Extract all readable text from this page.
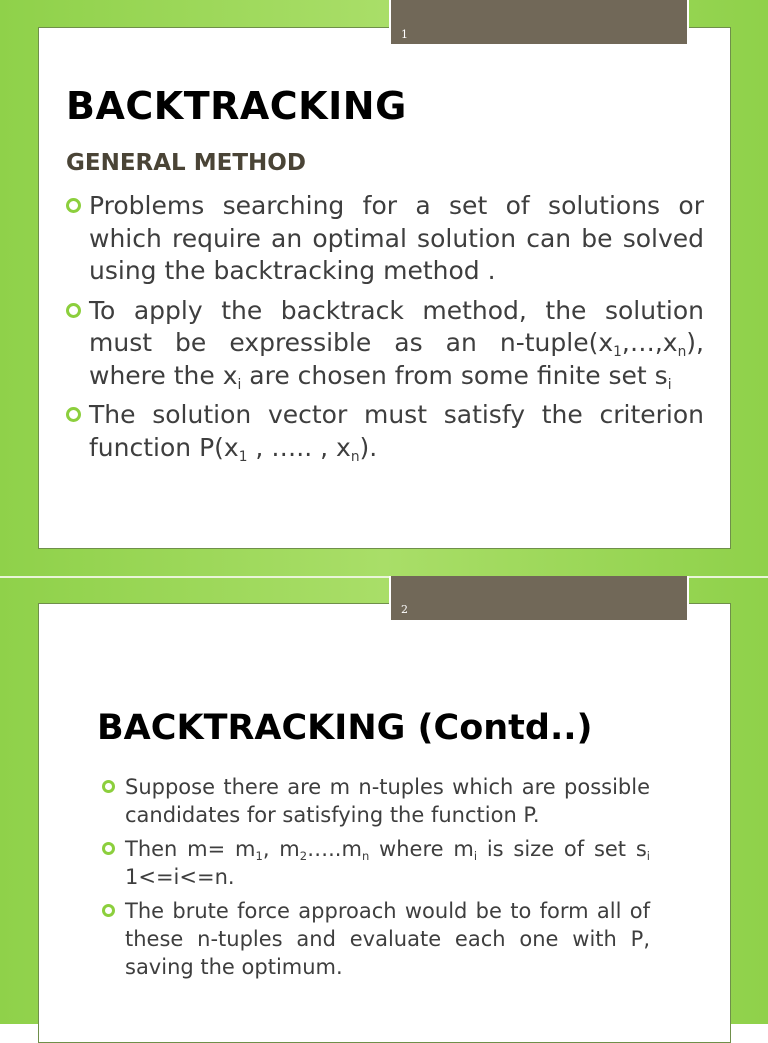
1
BACKTRACKING
GENERAL METHOD
Problems searching for a set of solutions or which require an optimal solution can be solved using the backtracking method .
To apply the backtrack method, the solution must be expressible as an $n-tuple(x_1,\dots,x_n)$, where the $x_i$ are chosen from some finite set $s_i$
The solution vector must satisfy the criterion function $P(x_1$ , ….. , $x_n$).
2
BACKTRACKING (Contd..)
Suppose there are m n-tuples which are possible candidates for satisfying the function P.
Then $m= m_1$, $m_2\dots..m_n$ where $m_i$ is size of set $s_i$ 1<=i<=n.
The brute force approach would be to form all of these n-tuples and evaluate each one with P, saving the optimum.
